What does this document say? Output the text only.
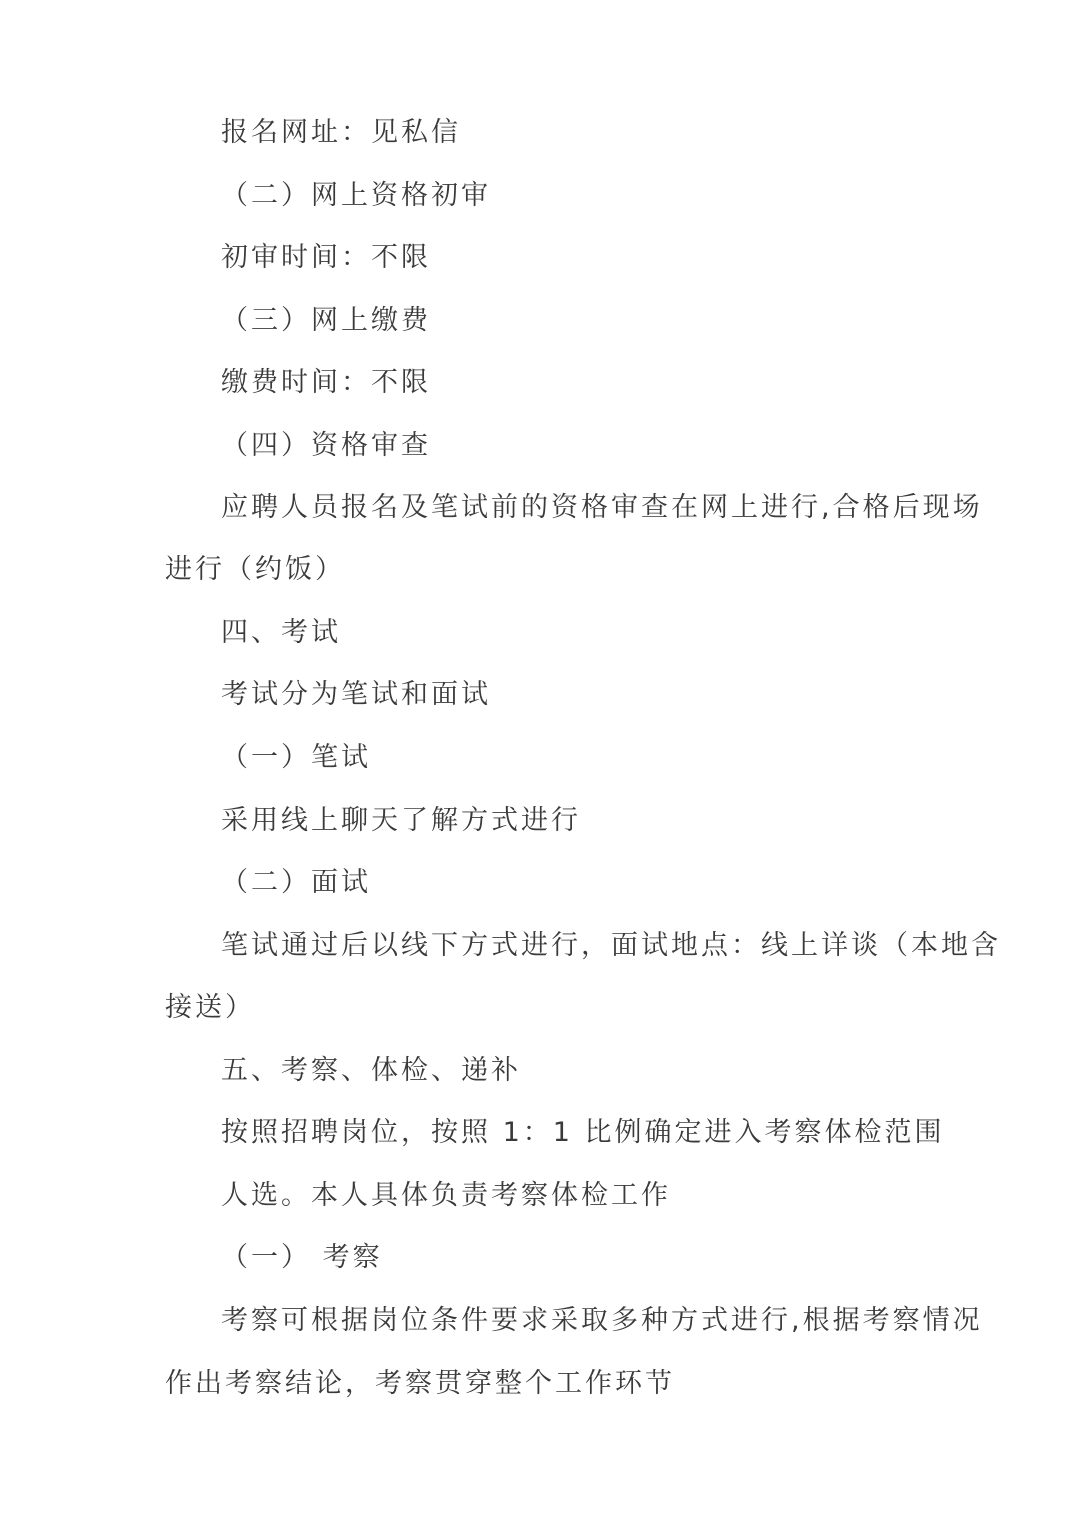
报名网址：见私信
（二）网上资格初审
初审时间：不限
（三）网上缴费
缴费时间：不限
（四）资格审查
应聘人员报名及笔试前的资格审查在网上进行,合格后现场
进行（约饭）
四、考试
考试分为笔试和面试
（一）笔试
采用线上聊天了解方式进行
（二）面试
笔试通过后以线下方式进行，面试地点：线上详谈（本地含
接送）
五、考察、体检、递补
按照招聘岗位，按照 1：1 比例确定进入考察体检范围
人选。本人具体负责考察体检工作
（一） 考察
考察可根据岗位条件要求采取多种方式进行,根据考察情况
作出考察结论，考察贯穿整个工作环节
